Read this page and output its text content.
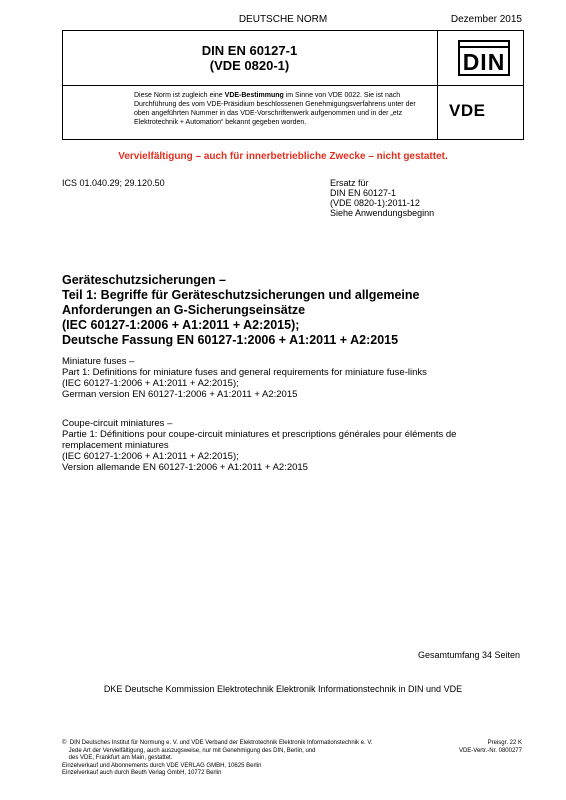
DEUTSCHE NORM	Dezember 2015
DIN EN 60127-1
(VDE 0820-1)	DIN
Diese Norm ist zugleich eine VDE-Bestimmung im Sinne von VDE 0022. Sie ist nach Durchführung des vom VDE-Präsidium beschlossenen Genehmigungsverfahrens unter der oben angeführten Nummer in das VDE-Vorschriftenwerk aufgenommen und in der „etz Elektrotechnik + Automation“ bekannt gegeben worden.
VDE
Vervielfältigung – auch für innerbetriebliche Zwecke – nicht gestattet.
ICS 01.040.29; 29.120.50	Ersatz für
DIN EN 60127-1
(VDE 0820-1):2011-12
Siehe Anwendungsbeginn
Geräteschutzsicherungen –
Teil 1: Begriffe für Geräteschutzsicherungen und allgemeine
Anforderungen an G-Sicherungseinsätze
(IEC 60127-1:2006 + A1:2011 + A2:2015);
Deutsche Fassung EN 60127-1:2006 + A1:2011 + A2:2015
Miniature fuses –
Part 1: Definitions for miniature fuses and general requirements for miniature fuse-links
(IEC 60127-1:2006 + A1:2011 + A2:2015);
German version EN 60127-1:2006 + A1:2011 + A2:2015
Coupe-circuit miniatures –
Partie 1: Définitions pour coupe-circuit miniatures et prescriptions générales pour éléments de
remplacement miniatures
(IEC 60127-1:2006 + A1:2011 + A2:2015);
Version allemande EN 60127-1:2006 + A1:2011 + A2:2015
Gesamtumfang 34 Seiten
DKE Deutsche Kommission Elektrotechnik Elektronik Informationstechnik in DIN und VDE
©  DIN Deutsches Institut für Normung e. V. und VDE Verband der Elektrotechnik Elektronik Informationstechnik e. V.
Jede Art der Vervielfältigung, auch auszugsweise, nur mit Genehmigung des DIN, Berlin, und
des VDE, Frankfurt am Main, gestattet.
Einzelverkauf und Abonnements durch VDE VERLAG GMBH, 10625 Berlin
Einzelverkauf auch durch Beuth Verlag GmbH, 10772 Berlin
Preisgr. 22 K
VDE-Vertr.-Nr. 0800277
